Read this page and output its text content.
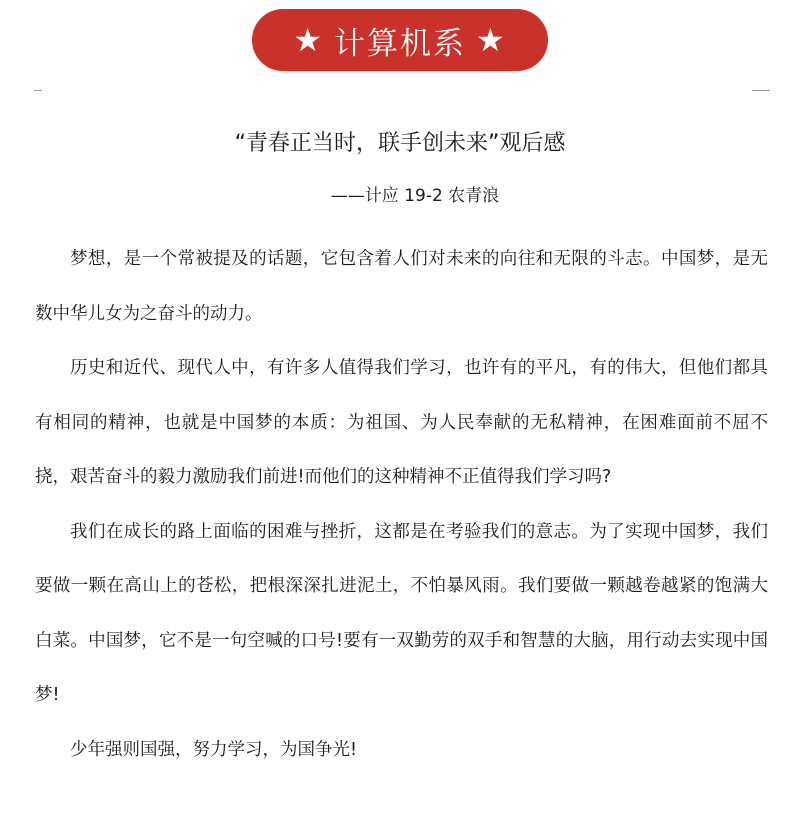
★ 计算机系 ★
“青春正当时，联手创未来”观后感
——计应 19-2 农青浪

梦想，是一个常被提及的话题，它包含着人们对未来的向往和无限的斗志。中国梦，是无数中华儿女为之奋斗的动力。

历史和近代、现代人中，有许多人值得我们学习，也许有的平凡，有的伟大，但他们都具有相同的精神，也就是中国梦的本质：为祖国、为人民奉献的无私精神，在困难面前不屈不挠，艰苦奋斗的毅力激励我们前进!而他们的这种精神不正值得我们学习吗?

我们在成长的路上面临的困难与挫折，这都是在考验我们的意志。为了实现中国梦，我们要做一颗在高山上的苍松，把根深深扎进泥土，不怕暴风雨。我们要做一颗越卷越紧的饱满大白菜。中国梦，它不是一句空喊的口号!要有一双勤劳的双手和智慧的大脑，用行动去实现中国梦!

少年强则国强，努力学习，为国争光!
